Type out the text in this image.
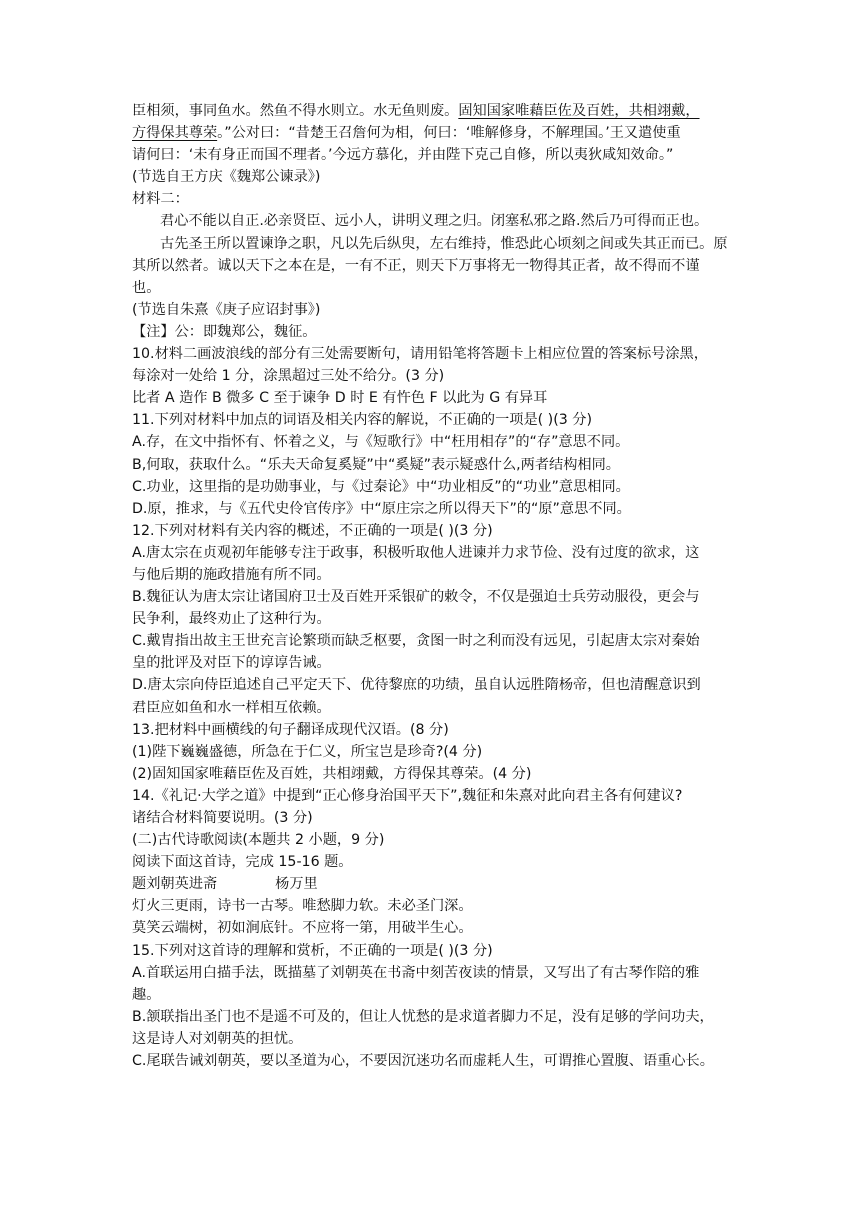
臣相须，事同鱼水。然鱼不得水则立。水无鱼则废。固知国家唯藉臣佐及百姓，共相翊戴，
方得保其尊荣。”公对曰：“昔楚王召詹何为相，何曰：‘唯解修身，不解理国。’王又遣使重
请何曰：‘未有身正而国不理者。’今远方慕化，并由陛下克己自修，所以夷狄咸知效命。”
(节选自王方庆《魏郑公谏录》)
材料二：
君心不能以自正.必亲贤臣、远小人，讲明义理之归。闭塞私邪之路.然后乃可得而正也。
古先圣王所以置谏诤之职，凡以先后纵臾，左右维持，惟恐此心顷刻之间或失其正而已。原
其所以然者。诚以天下之本在是，一有不正，则天下万事将无一物得其正者，故不得而不谨
也。
(节选自朱熹《庚子应诏封事》)
【注】公：即魏郑公，魏征。
10.材料二画波浪线的部分有三处需要断句，请用铅笔将答题卡上相应位置的答案标号涂黑，
每涂对一处给 1 分，涂黑超过三处不给分。(3 分)
比者 A 造作 B 微多 C 至于谏争 D 时 E 有忤色 F 以此为 G 有异耳
11.下列对材料中加点的词语及相关内容的解说，不正确的一项是( )(3 分)
A.存，在文中指怀有、怀着之义，与《短歌行》中“枉用相存”的“存”意思不同。
B,何取，获取什么。“乐夫天命复奚疑”中“奚疑”表示疑惑什么,两者结构相同。
C.功业，这里指的是功勋事业，与《过秦论》中“功业相反”的“功业”意思相同。
D.原，推求，与《五代史伶官传序》中“原庄宗之所以得天下”的“原”意思不同。
12.下列对材料有关内容的概述，不正确的一项是( )(3 分)
A.唐太宗在贞观初年能够专注于政事，积极听取他人进谏并力求节俭、没有过度的欲求，这
与他后期的施政措施有所不同。
B.魏征认为唐太宗让诸国府卫士及百姓开采银矿的敕令，不仅是强迫士兵劳动服役，更会与
民争利，最终劝止了这种行为。
C.戴胄指出故主王世充言论繁琐而缺乏枢要，贪图一时之利而没有远见，引起唐太宗对秦始
皇的批评及对臣下的谆谆告诫。
D.唐太宗向侍臣追述自己平定天下、优待黎庶的功绩，虽自认远胜隋杨帝，但也清醒意识到
君臣应如鱼和水一样相互依赖。
13.把材料中画横线的句子翻译成现代汉语。(8 分)
(1)陛下巍巍盛德，所急在于仁义，所宝岂是珍奇?(4 分)
(2)固知国家唯藉臣佐及百姓，共相翊戴，方得保其尊荣。(4 分)
14.《礼记·大学之道》中提到“正心修身治国平天下”,魏征和朱熹对此向君主各有何建议?
诸结合材料简要说明。(3 分)
(二)古代诗歌阅读(本题共 2 小题，9 分)
阅读下面这首诗，完成 15-16 题。
题刘朝英进斋	杨万里
灯火三更雨，诗书一古琴。唯愁脚力软。未必圣门深。
莫笑云端树，初如涧底针。不应将一第，用破半生心。
15.下列对这首诗的理解和赏析，不正确的一项是( )(3 分)
A.首联运用白描手法，既描墓了刘朝英在书斋中刻苦夜读的情景，又写出了有古琴作陪的雅
趣。
B.颔联指出圣门也不是遥不可及的，但让人忧愁的是求道者脚力不足，没有足够的学问功夫，
这是诗人对刘朝英的担忧。
C.尾联告诫刘朝英，要以圣道为心，不要因沉迷功名而虚耗人生，可谓推心置腹、语重心长。
